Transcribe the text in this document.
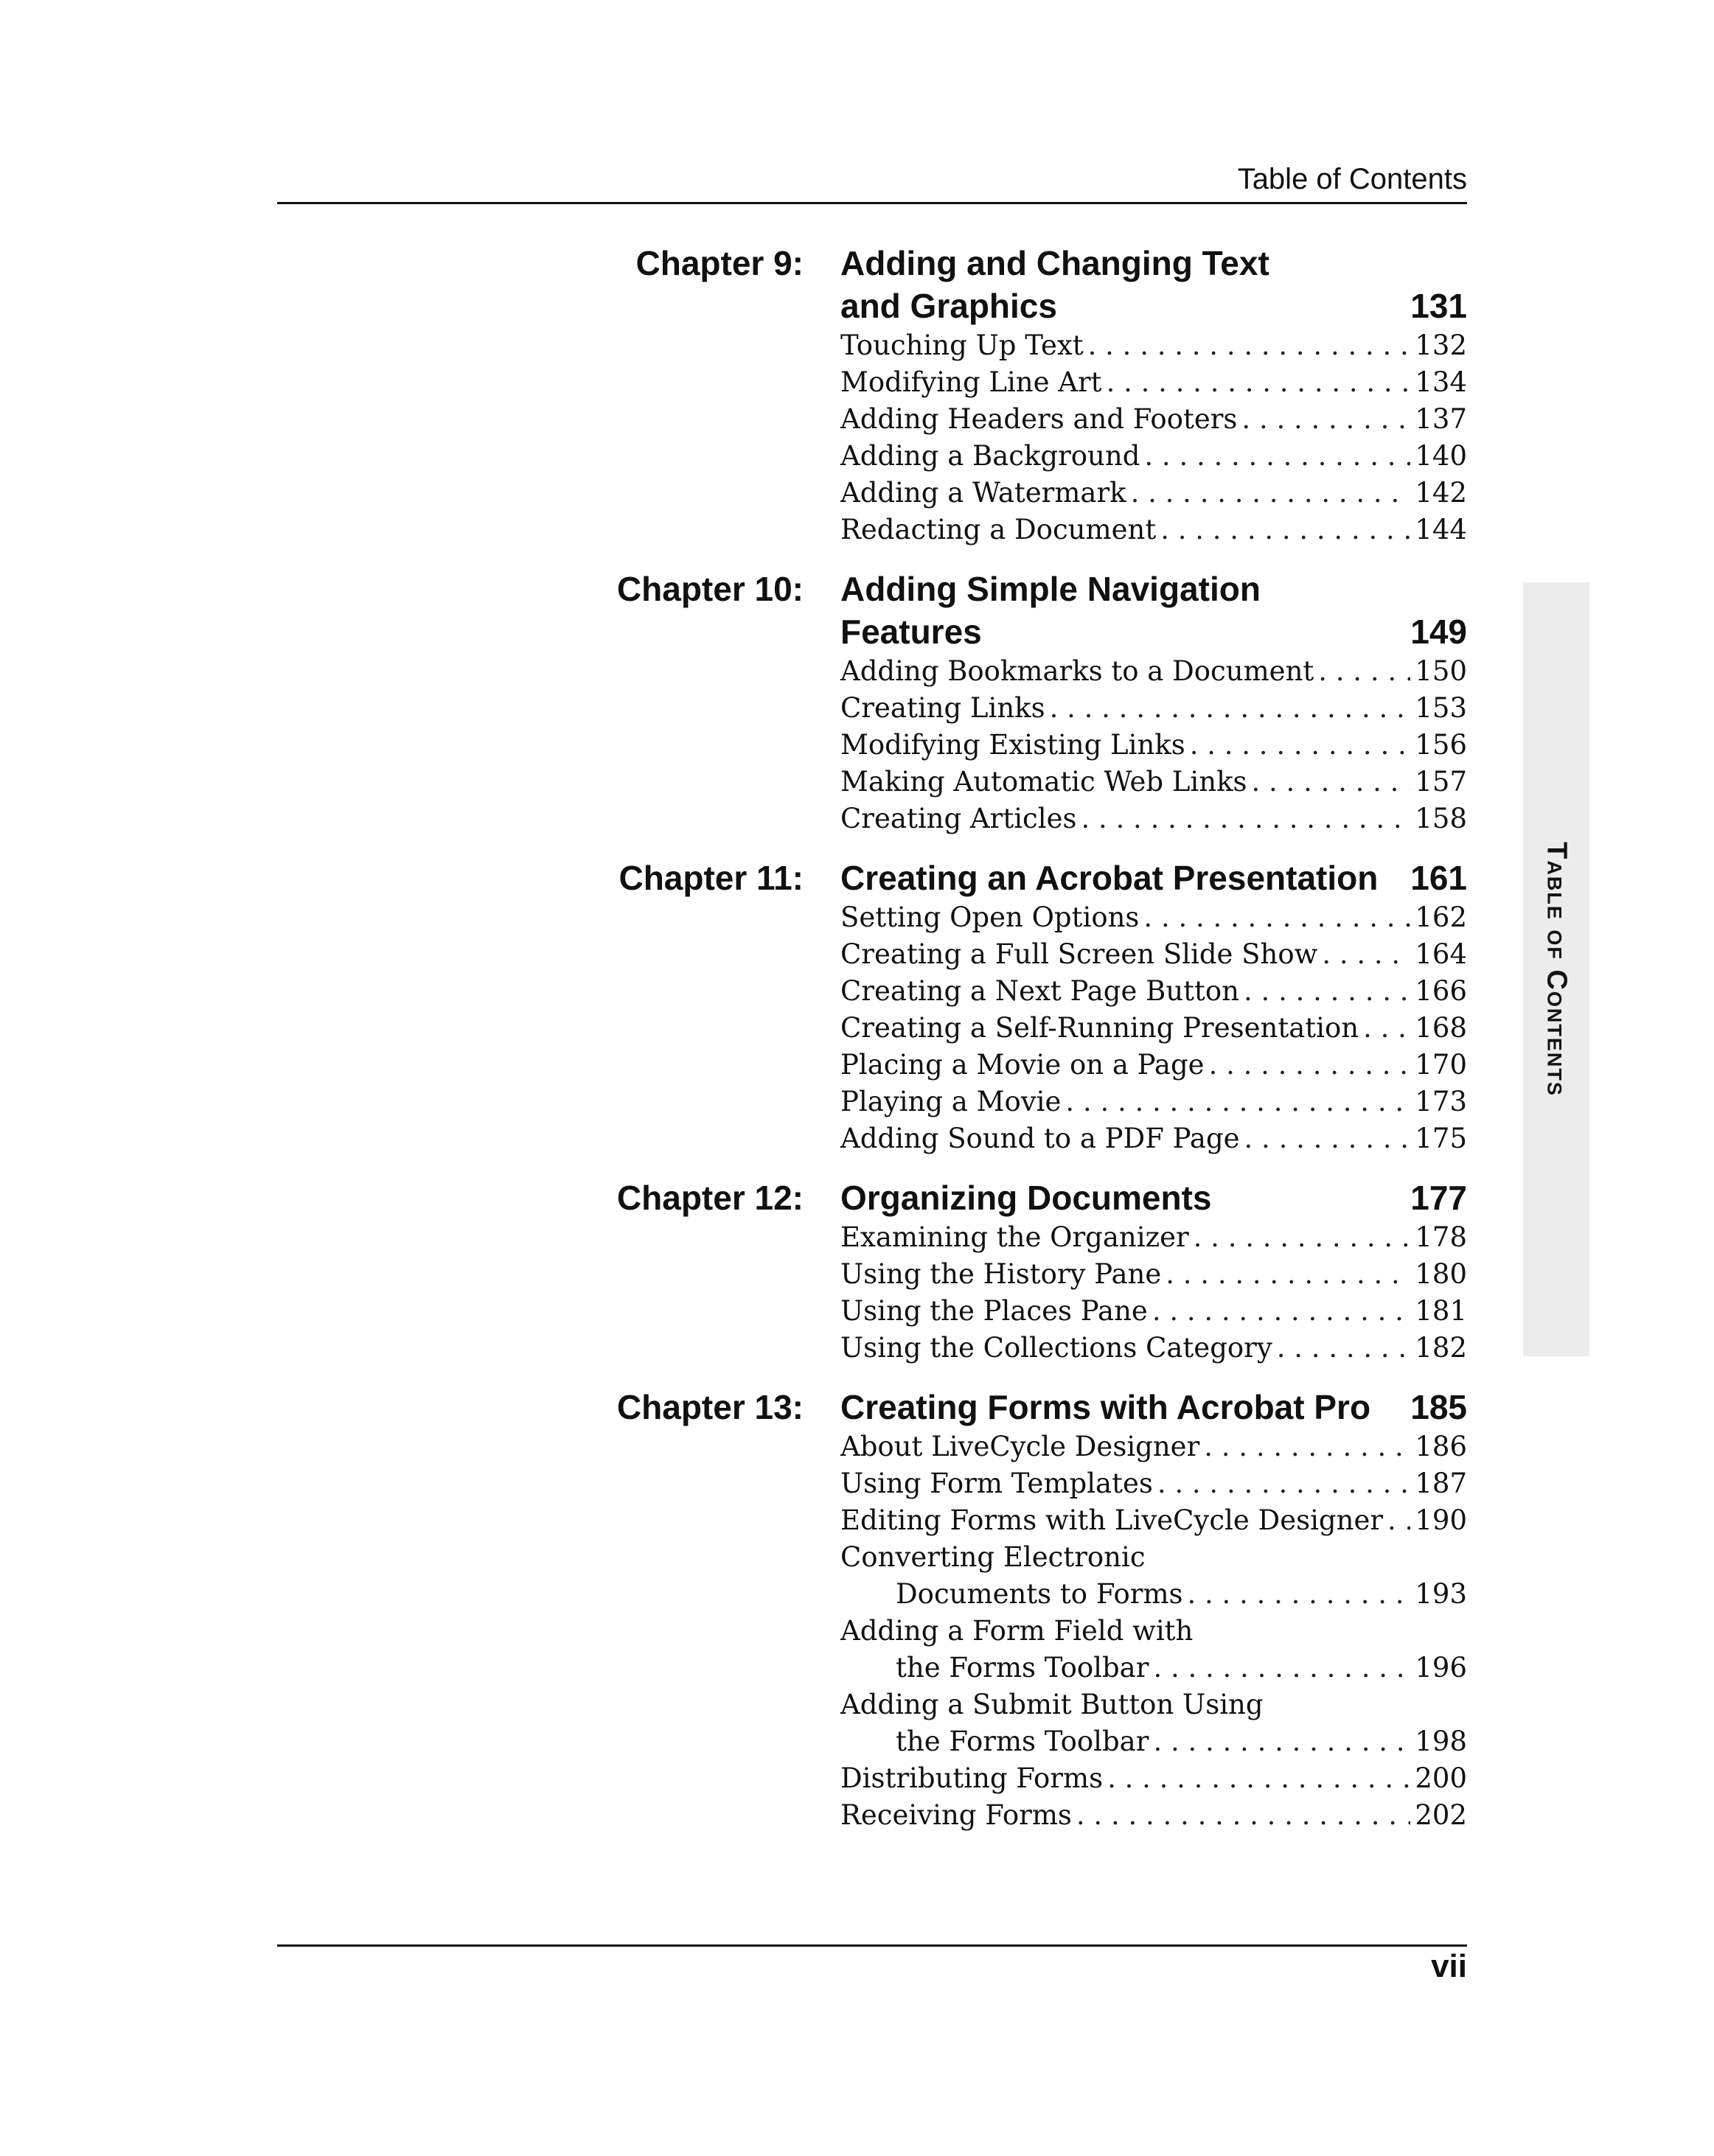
Table of Contents
Table of Contents
Chapter 9: Adding and Changing Text
and Graphics	131
Touching Up Text . . .	132
Modifying Line Art . . .	134
Adding Headers and Footers . . .	137
Adding a Background . . .	140
Adding a Watermark . . .	142
Redacting a Document . . .	144
Chapter 10: Adding Simple Navigation Features	149
Adding Bookmarks to a Document . . .	150
Creating Links . . .	153
Modifying Existing Links . . .	156
Making Automatic Web Links . . .	157
Creating Articles . . .	158
Chapter 11: Creating an Acrobat Presentation 161
Setting Open Options . . .	162
Creating a Full Screen Slide Show . . .	164
Creating a Next Page Button . . .	166
Creating a Self-Running Presentation . . . 168
Placing a Movie on a Page . . .	170
Playing a Movie . . .	173
Adding Sound to a PDF Page . . .	175
Chapter 12: Organizing Documents	177
Examining the Organizer . . .	178
Using the History Pane . . .	180
Using the Places Pane . . .	181
Using the Collections Category . . .	182
Chapter 13: Creating Forms with Acrobat Pro 185
About LiveCycle Designer . . .	186
Using Form Templates . . .	187
Editing Forms with LiveCycle Designer . . . 190
Converting Electronic
Documents to Forms . . .	193
Adding a Form Field with
the Forms Toolbar . . .	196
Adding a Submit Button Using
the Forms Toolbar . . .	198
Distributing Forms . . .	200
Receiving Forms . . .	202
vii
